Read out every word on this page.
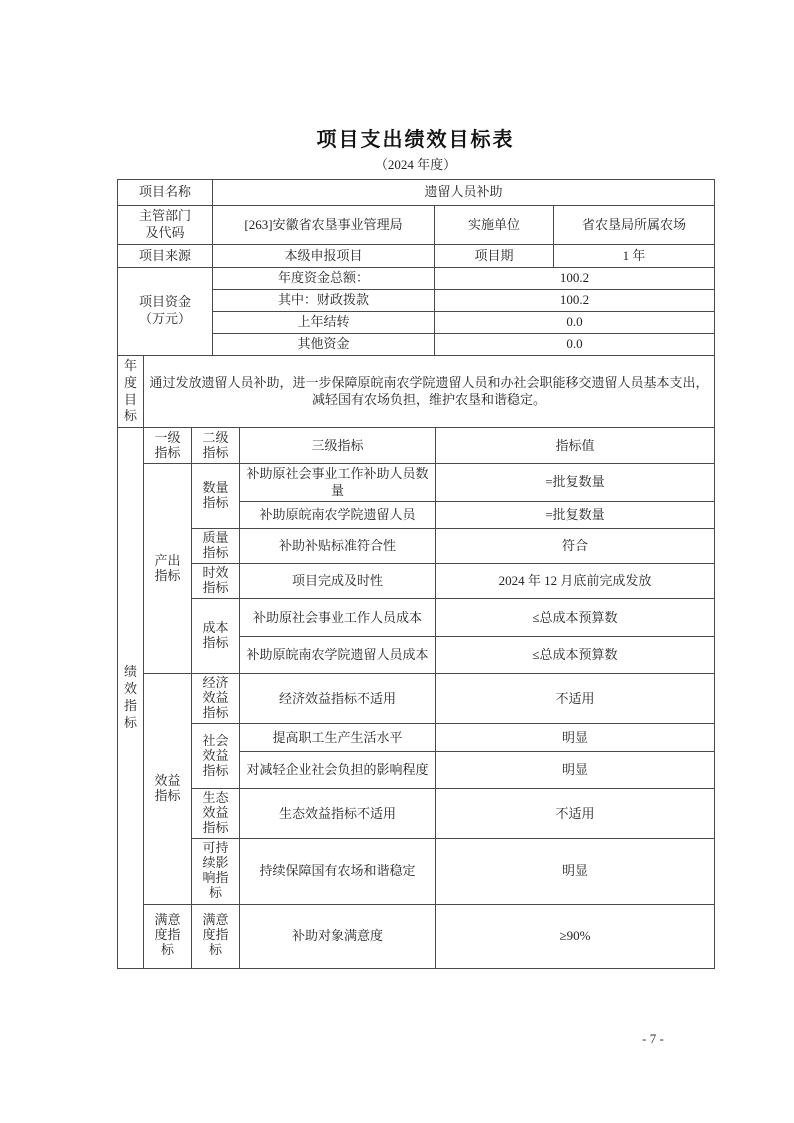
项目支出绩效目标表
（2024 年度）
项目名称	遗留人员补助		
主管部门及代码	[263]安徽省农垦事业管理局	实施单位	省农垦局所属农场
项目来源	本级申报项目	项目期	1 年
项目资金（万元）	年度资金总额：	100.2	
	其中：财政拨款	100.2	
	上年结转	0.0	
	其他资金	0.0	
年度目标	通过发放遗留人员补助，进一步保障原皖南农学院遗留人员和办社会职能移交遗留人员基本支出，减轻国有农场负担，维护农垦和谐稳定。
绩效指标	一级指标	二级指标	三级指标	指标值
	产出指标	数量指标	补助原社会事业工作补助人员数量	=批复数量
			补助原皖南农学院遗留人员	=批复数量
		质量指标	补助补贴标准符合性	符合
		时效指标	项目完成及时性	2024 年 12 月底前完成发放
		成本指标	补助原社会事业工作人员成本	≤总成本预算数
			补助原皖南农学院遗留人员成本	≤总成本预算数
	效益指标	经济效益指标	经济效益指标不适用	不适用
		社会效益指标	提高职工生产生活水平	明显
			对减轻企业社会负担的影响程度	明显
		生态效益指标	生态效益指标不适用	不适用
		可持续影响指标	持续保障国有农场和谐稳定	明显
	满意度指标	满意度指标	补助对象满意度	≥90%
- 7 -
